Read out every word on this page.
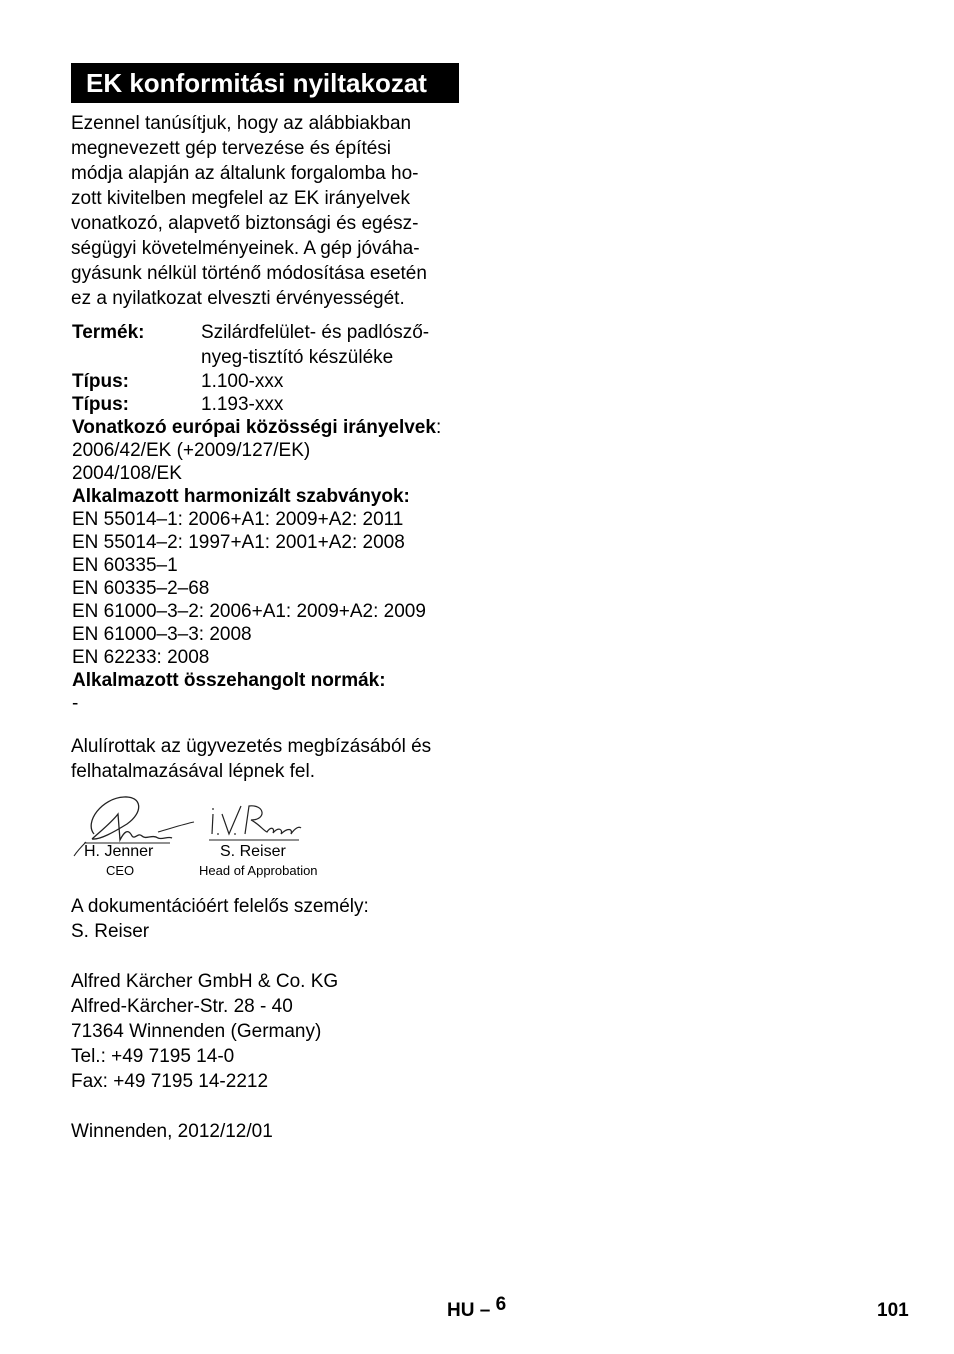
EK konformitási nyiltakozat
Ezennel tanúsítjuk, hogy az alábbiakban
megnevezett gép tervezése és építési
módja alapján az általunk forgalomba ho-
zott kivitelben megfelel az EK irányelvek
vonatkozó, alapvető biztonsági és egész-
ségügyi követelményeinek. A gép jóváha-
gyásunk nélkül történő módosítása esetén
ez a nyilatkozat elveszti érvényességét.
Termék:	Szilárdfelület- és padlósző-
nyeg-tisztító készüléke
Típus:	1.100-xxx
Típus:	1.193-xxx
Vonatkozó európai közösségi irányelvek:
2006/42/EK (+2009/127/EK)
2004/108/EK
Alkalmazott harmonizált szabványok:
EN 55014–1: 2006+A1: 2009+A2: 2011
EN 55014–2: 1997+A1: 2001+A2: 2008
EN 60335–1
EN 60335–2–68
EN 61000–3–2: 2006+A1: 2009+A2: 2009
EN 61000–3–3: 2008
EN 62233: 2008
Alkalmazott összehangolt normák:
-
Alulírottak az ügyvezetés megbízásából és
felhatalmazásával lépnek fel.
H. Jenner
CEO
S. Reiser
Head of Approbation
A dokumentációért felelős személy:
S. Reiser
Alfred Kärcher GmbH & Co. KG
Alfred-Kärcher-Str. 28 - 40
71364 Winnenden (Germany)
Tel.: +49 7195 14-0
Fax: +49 7195 14-2212
Winnenden, 2012/12/01
HU – 6	101
